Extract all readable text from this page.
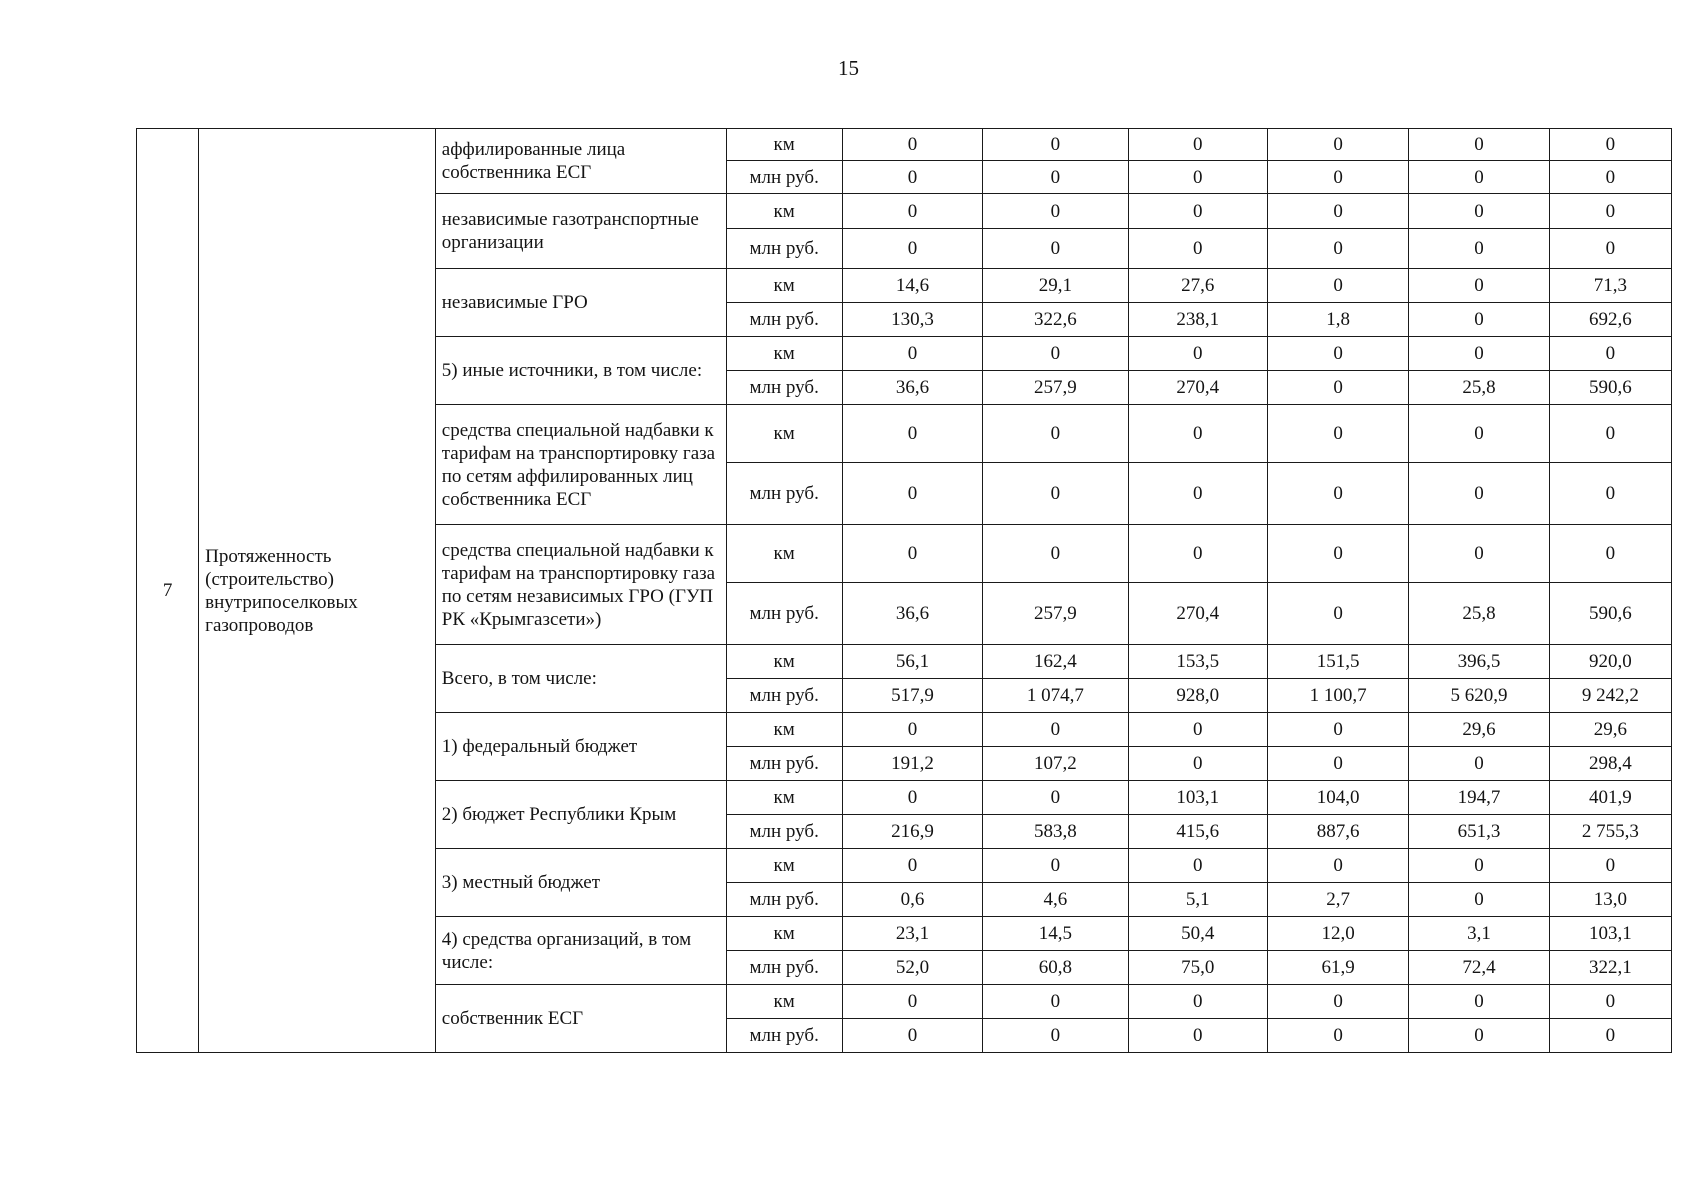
15
7	Протяженность (строительство) внутрипоселковых газопроводов	аффилированные лица собственника ЕСГ	км	0	0	0	0	0	0
			млн руб.	0	0	0	0	0	0
		независимые газотранспортные организации	км	0	0	0	0	0	0
			млн руб.	0	0	0	0	0	0
		независимые ГРО	км	14,6	29,1	27,6	0	0	71,3
			млн руб.	130,3	322,6	238,1	1,8	0	692,6
		5) иные источники, в том числе:	км	0	0	0	0	0	0
			млн руб.	36,6	257,9	270,4	0	25,8	590,6
		средства специальной надбавки к тарифам на транспортировку газа по сетям аффилированных лиц собственника ЕСГ	км	0	0	0	0	0	0
			млн руб.	0	0	0	0	0	0
		средства специальной надбавки к тарифам на транспортировку газа по сетям независимых ГРО (ГУП РК «Крымгазсети»)	км	0	0	0	0	0	0
			млн руб.	36,6	257,9	270,4	0	25,8	590,6
		Всего, в том числе:	км	56,1	162,4	153,5	151,5	396,5	920,0
			млн руб.	517,9	1 074,7	928,0	1 100,7	5 620,9	9 242,2
		1) федеральный бюджет	км	0	0	0	0	29,6	29,6
			млн руб.	191,2	107,2	0	0	0	298,4
		2) бюджет Республики Крым	км	0	0	103,1	104,0	194,7	401,9
			млн руб.	216,9	583,8	415,6	887,6	651,3	2 755,3
		3) местный бюджет	км	0	0	0	0	0	0
			млн руб.	0,6	4,6	5,1	2,7	0	13,0
		4) средства организаций, в том числе:	км	23,1	14,5	50,4	12,0	3,1	103,1
			млн руб.	52,0	60,8	75,0	61,9	72,4	322,1
		собственник ЕСГ	км	0	0	0	0	0	0
			млн руб.	0	0	0	0	0	0
